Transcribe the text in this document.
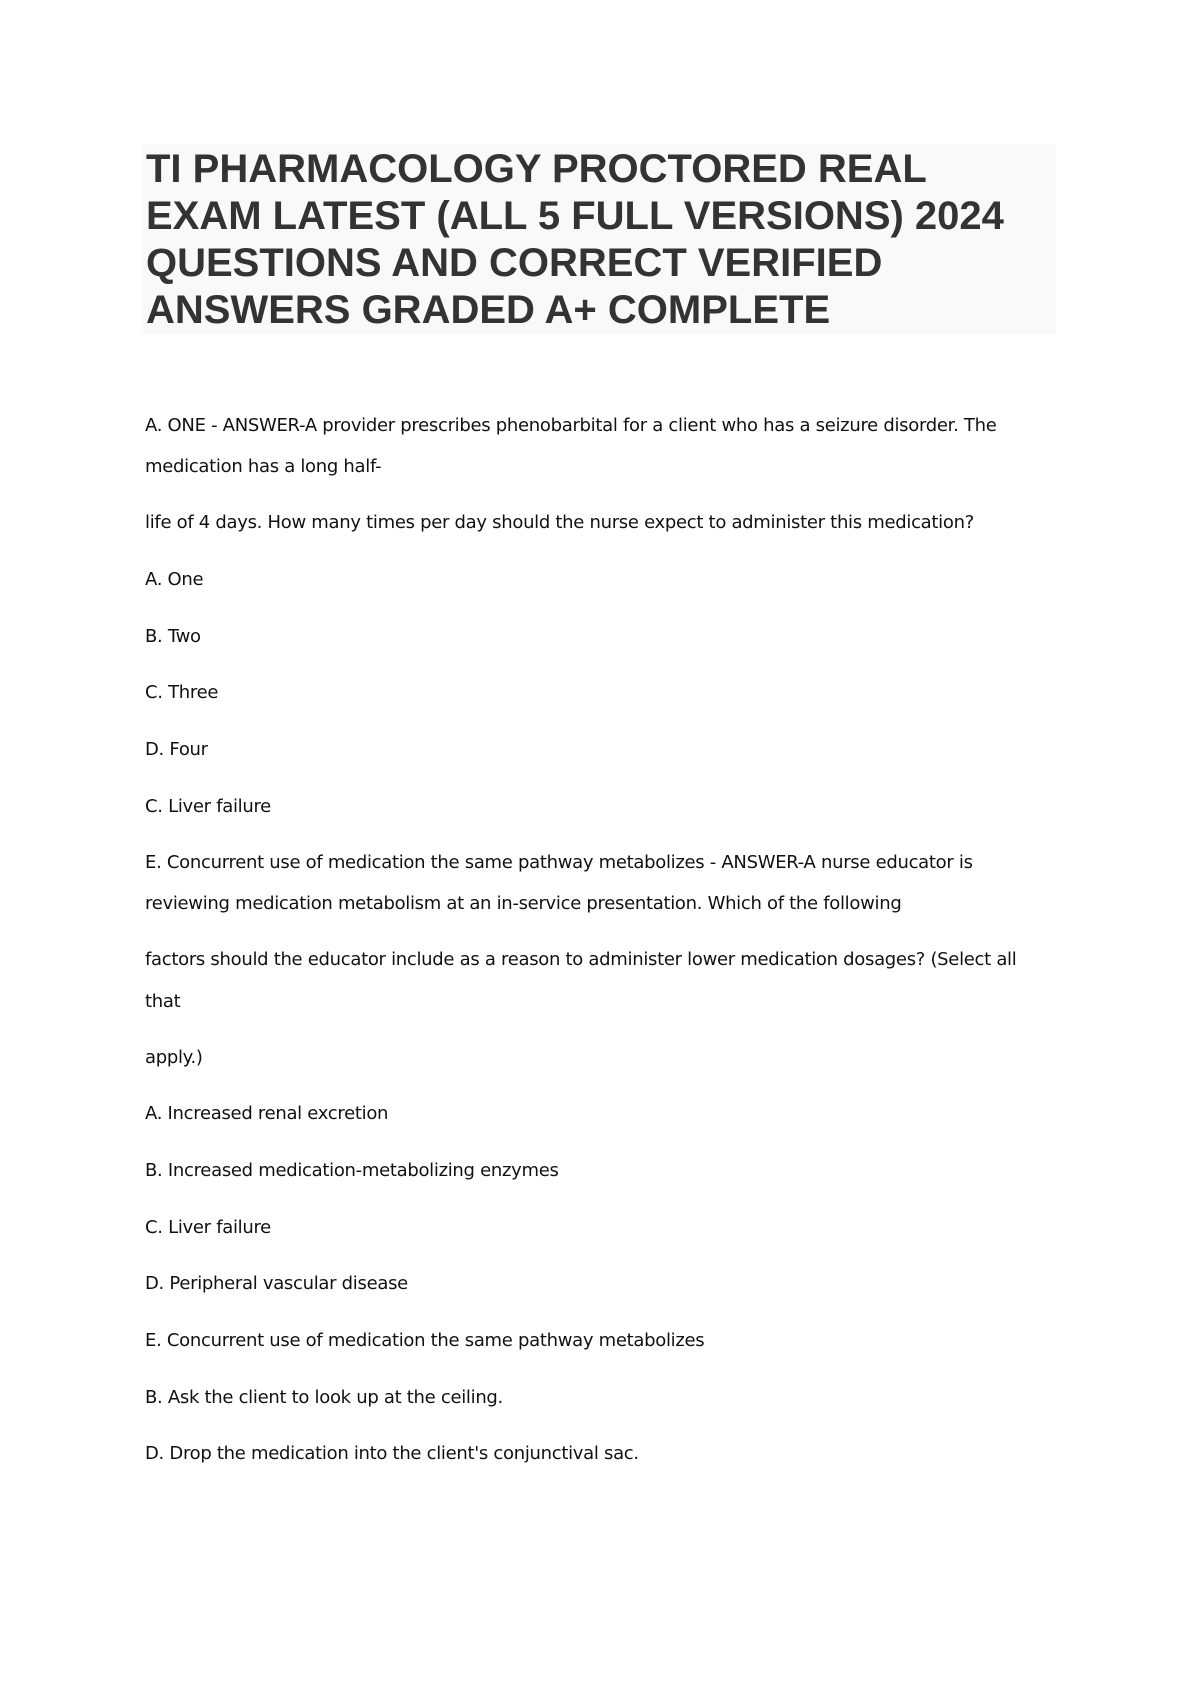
TI PHARMACOLOGY PROCTORED REAL
EXAM LATEST (ALL 5 FULL VERSIONS) 2024
QUESTIONS AND CORRECT VERIFIED
ANSWERS GRADED A+ COMPLETE
A. ONE - ANSWER-A provider prescribes phenobarbital for a client who has a seizure disorder. The
medication has a long half-
life of 4 days. How many times per day should the nurse expect to administer this medication?
A. One
B. Two
C. Three
D. Four
C. Liver failure
E. Concurrent use of medication the same pathway metabolizes - ANSWER-A nurse educator is
reviewing medication metabolism at an in-service presentation. Which of the following
factors should the educator include as a reason to administer lower medication dosages? (Select all
that
apply.)
A. Increased renal excretion
B. Increased medication-metabolizing enzymes
C. Liver failure
D. Peripheral vascular disease
E. Concurrent use of medication the same pathway metabolizes
B. Ask the client to look up at the ceiling.
D. Drop the medication into the client's conjunctival sac.
